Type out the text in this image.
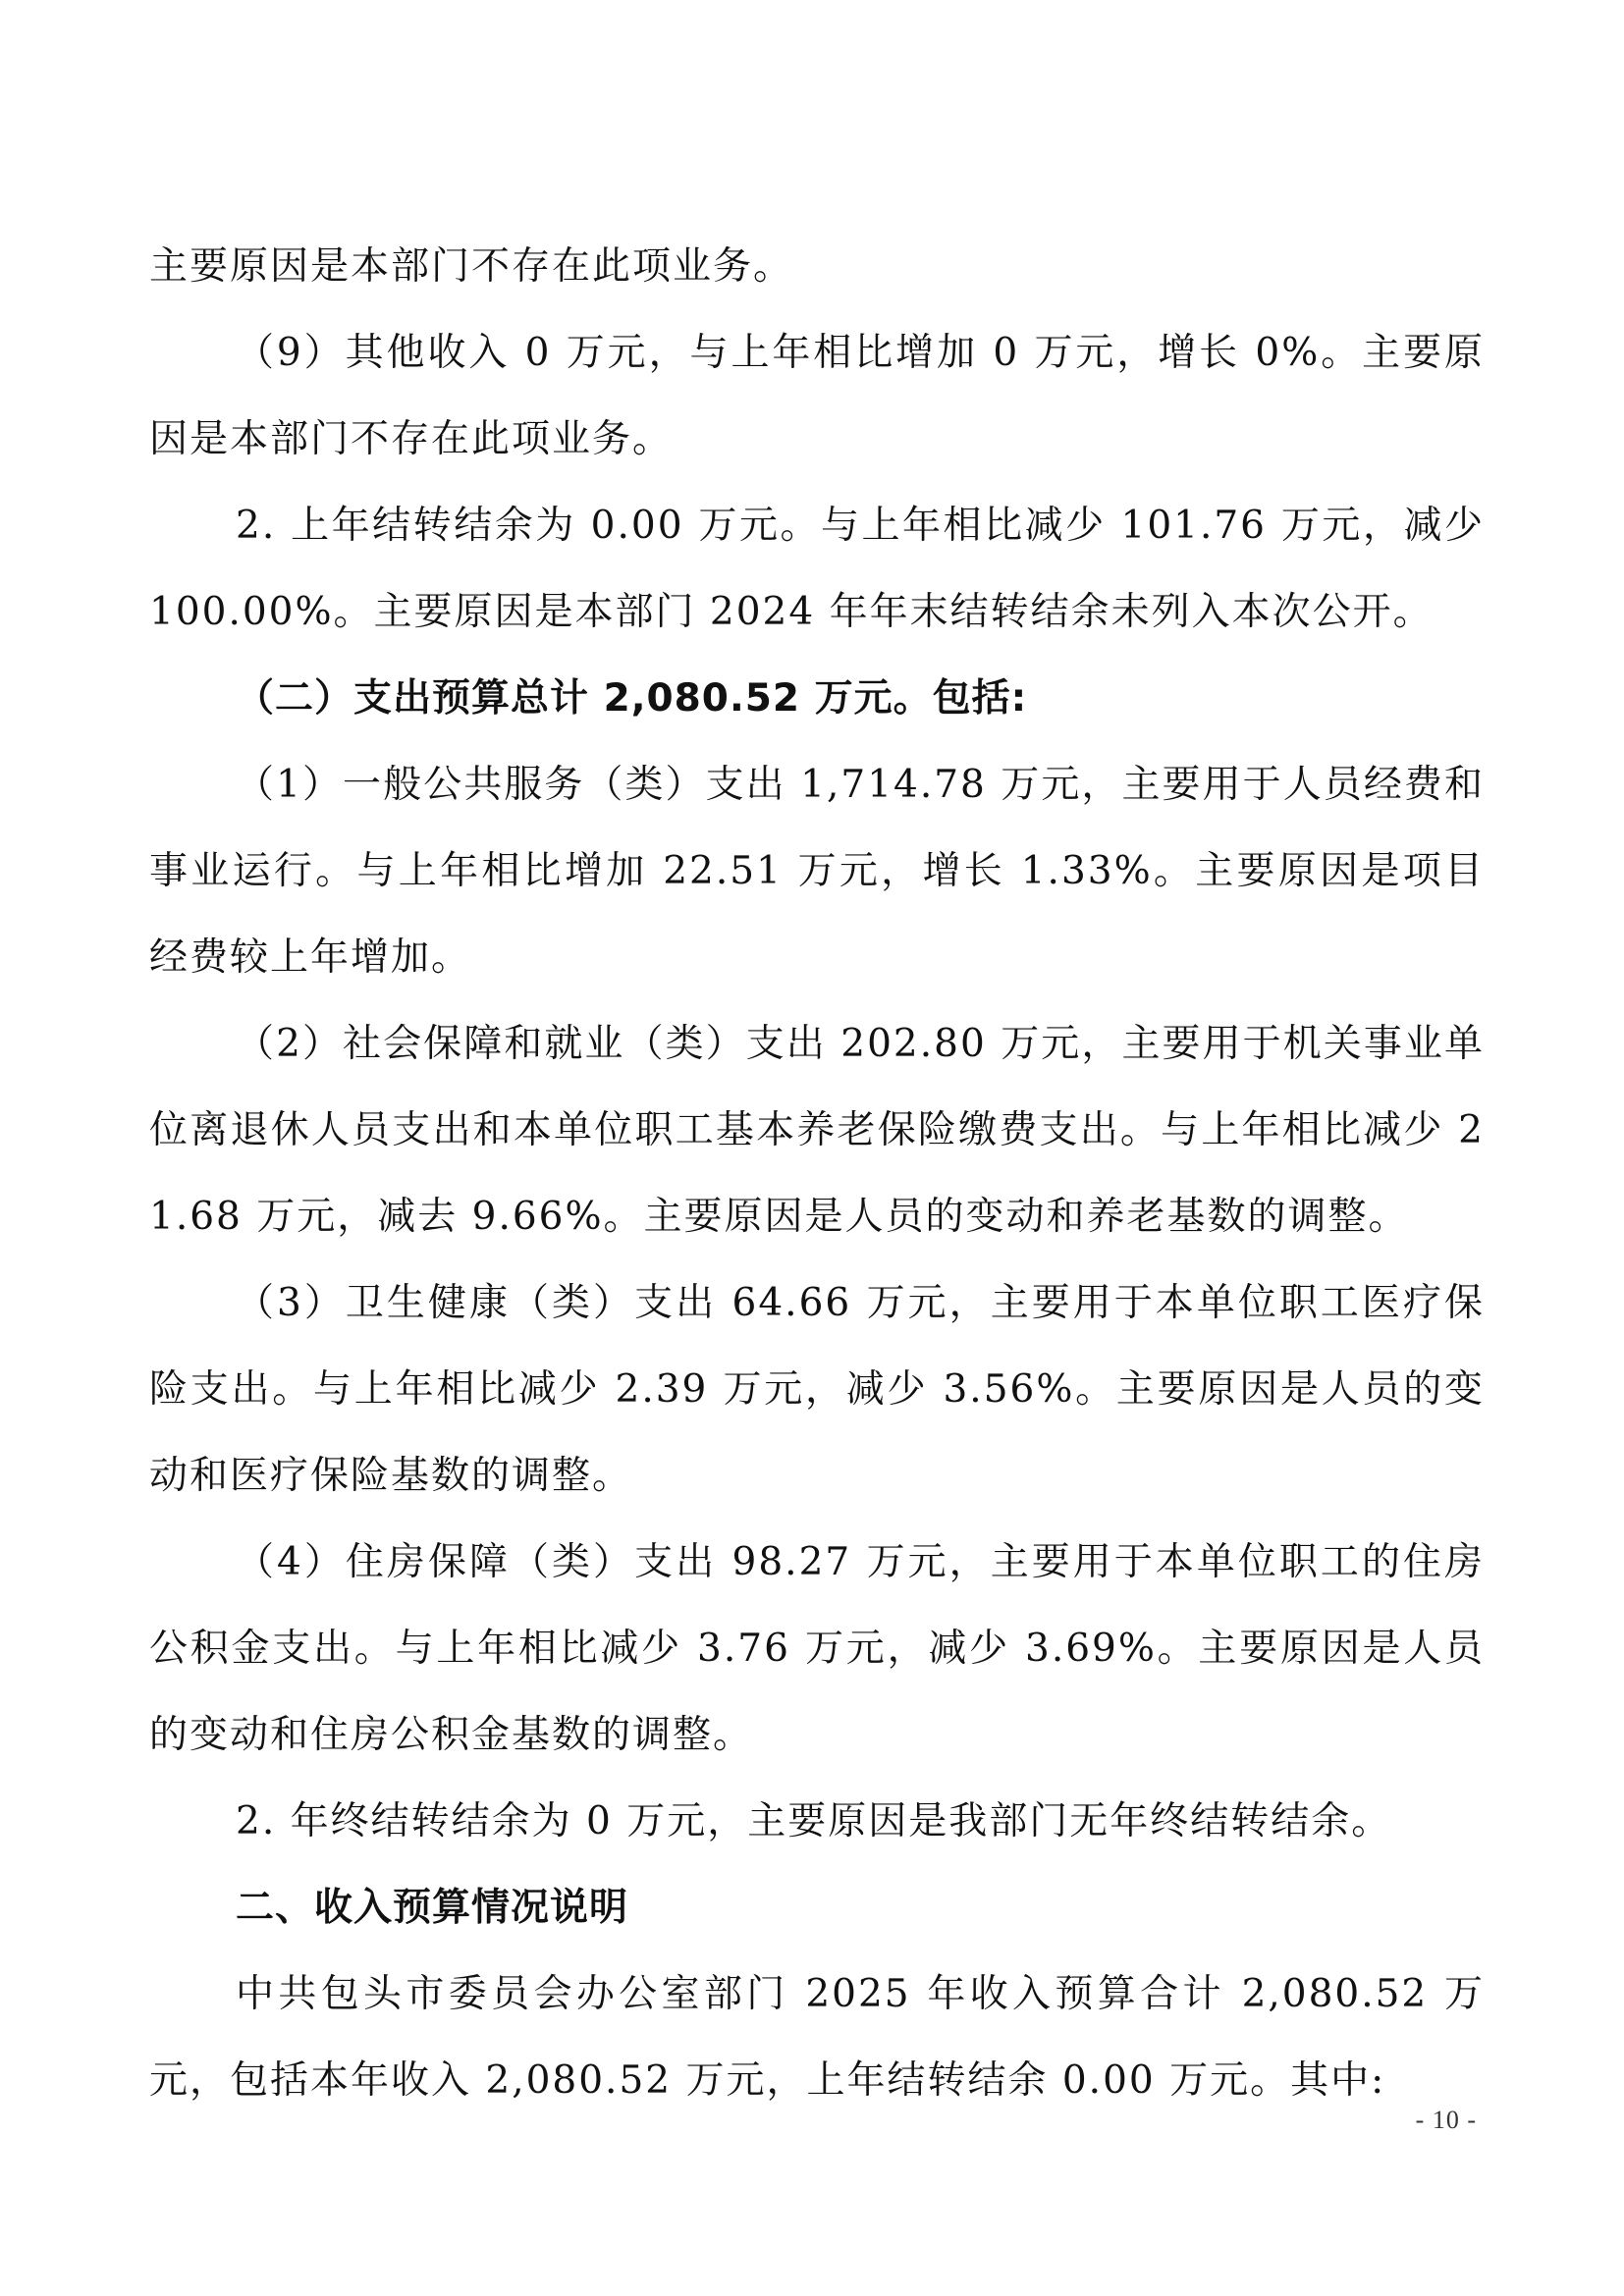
主要原因是本部门不存在此项业务。

（9）其他收入 0 万元，与上年相比增加 0 万元，增长 0%。主要原因是本部门不存在此项业务。

2. 上年结转结余为 0.00 万元。与上年相比减少 101.76 万元，减少 100.00%。主要原因是本部门 2024 年年末结转结余未列入本次公开。

（二）支出预算总计 2,080.52 万元。包括:

（1）一般公共服务（类）支出 1,714.78 万元，主要用于人员经费和事业运行。与上年相比增加 22.51 万元，增长 1.33%。主要原因是项目经费较上年增加。

（2）社会保障和就业（类）支出 202.80 万元，主要用于机关事业单位离退休人员支出和本单位职工基本养老保险缴费支出。与上年相比减少 21.68 万元，减去 9.66%。主要原因是人员的变动和养老基数的调整。

（3）卫生健康（类）支出 64.66 万元，主要用于本单位职工医疗保险支出。与上年相比减少 2.39 万元，减少 3.56%。主要原因是人员的变动和医疗保险基数的调整。

（4）住房保障（类）支出 98.27 万元，主要用于本单位职工的住房公积金支出。与上年相比减少 3.76 万元，减少 3.69%。主要原因是人员的变动和住房公积金基数的调整。

2. 年终结转结余为 0 万元，主要原因是我部门无年终结转结余。

二、收入预算情况说明

中共包头市委员会办公室部门 2025 年收入预算合计 2,080.52 万元，包括本年收入 2,080.52 万元，上年结转结余 0.00 万元。其中:

- 10 -
